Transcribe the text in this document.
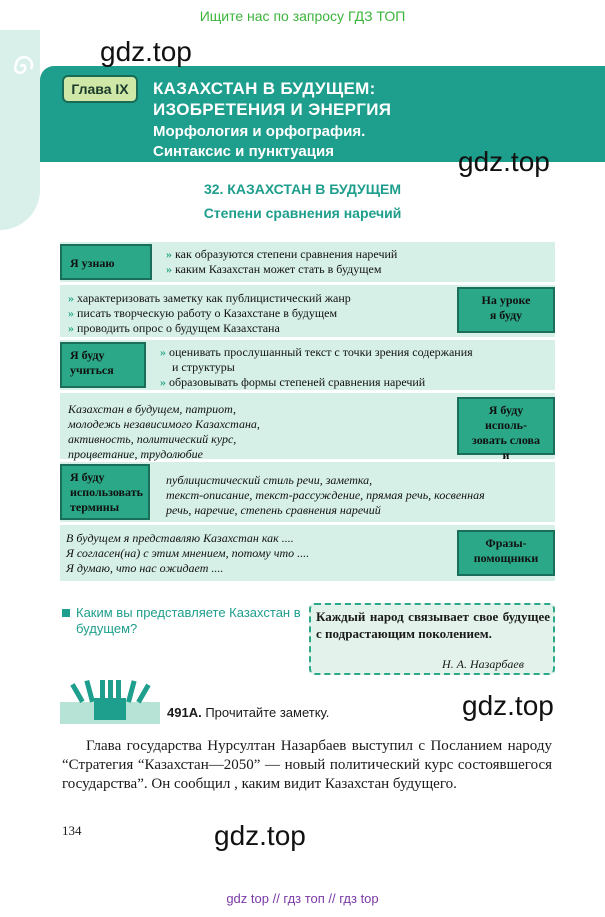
Ищите нас по запросу ГДЗ ТОП
Глава IX	КАЗАХСТАН В БУДУЩЕМ:
ИЗОБРЕТЕНИЯ И ЭНЕРГИЯ
Морфология и орфография.
Синтаксис и пунктуация
gdz.top
gdz.top
32. КАЗАХСТАН В БУДУЩЕМ
Степени сравнения наречий
Я узнаю
» как образуются степени сравнения наречий
» каким Казахстан может стать в будущем
» характеризовать заметку как публицистический жанр
» писать творческую работу о Казахстане в будущем
» проводить опрос о будущем Казахстана
На уроке
я буду
Я буду
учиться
» оценивать прослушанный текст с точки зрения содержания
и структуры
» образовывать формы степеней сравнения наречий
Казахстан в будущем, патриот,
молодежь независимого Казахстана,
активность, политический курс,
процветание, трудолюбие
Я буду исполь-
зовать слова и
Я буду
использовать
термины
публицистический стиль речи, заметка,
текст-описание, текст-рассуждение, прямая речь, косвенная
речь, наречие, степень сравнения наречий
В будущем я представляю Казахстан как ....
Я согласен(на) с этим мнением, потому что ....
Я думаю, что нас ожидает ....
Фразы-
помощники
Каким вы представляете Казахстан в будущем?
Каждый народ связывает свое будущее с подрастающим поколением.
Н. А. Назарбаев
491А. Прочитайте заметку.	gdz.top
Глава государства Нурсултан Назарбаев выступил с Посланием народу “Стратегия “Казахстан—2050” — новый политический курс состоявшегося государства”. Он сообщил , каким видит Казахстан будущего.
134	gdz.top
gdz top // гдз топ // гдз top
